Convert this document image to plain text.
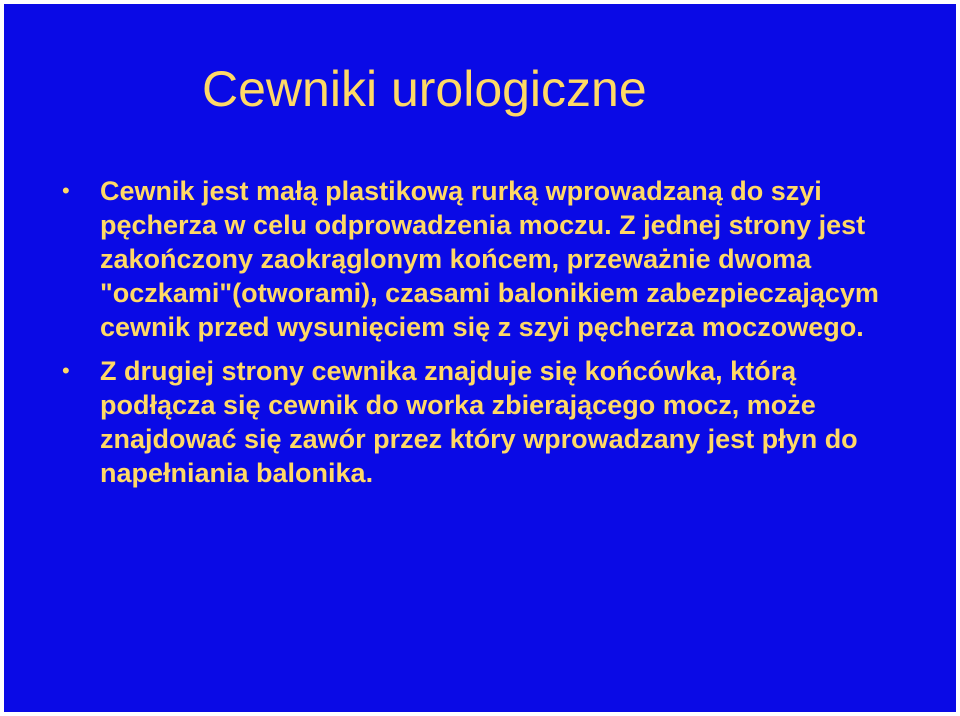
Cewniki urologiczne
• Cewnik jest małą plastikową rurką wprowadzaną do szyi pęcherza w celu odprowadzenia moczu. Z jednej strony jest zakończony zaokrąglonym końcem, przeważnie dwoma "oczkami"(otworami), czasami balonikiem zabezpieczającym cewnik przed wysunięciem się z szyi pęcherza moczowego.
• Z drugiej strony cewnika znajduje się końcówka, którą podłącza się cewnik do worka zbierającego mocz, może znajdować się zawór przez który wprowadzany jest płyn do napełniania balonika.
